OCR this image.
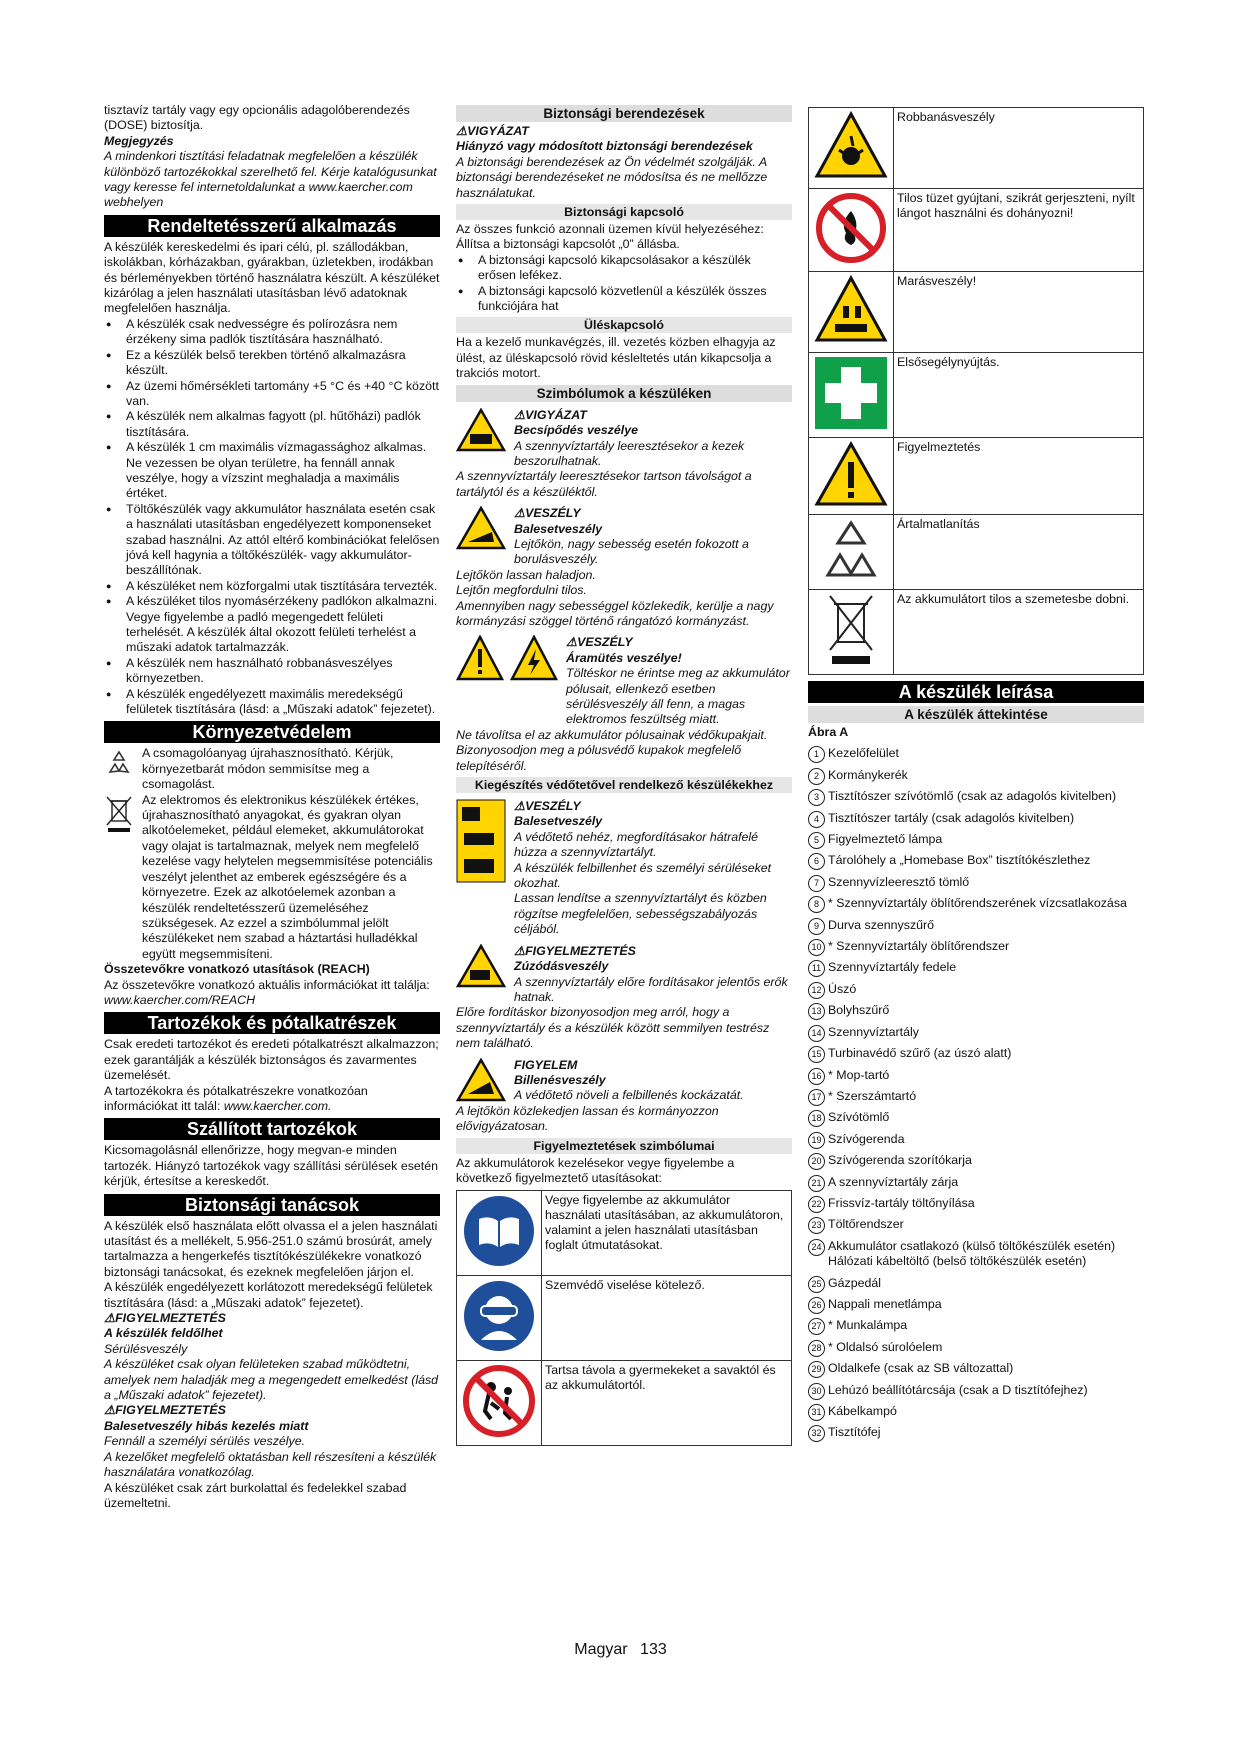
tisztavíz tartály vagy egy opcionális adagolóberendezés (DOSE) biztosítja.

Megjegyzés

A mindenkori tisztítási feladatnak megfelelően a készülék különböző tartozékokkal szerelhető fel. Kérje katalógusunkat vagy keresse fel internetoldalunkat a www.kaercher.com webhelyen

Rendeltetésszerű alkalmazás

A készülék kereskedelmi és ipari célú, pl. szállodákban, iskolákban, kórházakban, gyárakban, üzletekben, irodákban és bérleményekben történő használatra készült. A készüléket kizárólag a jelen használati utasításban lévő adatoknak megfelelően használja.

● A készülék csak nedvességre és polírozásra nem érzékeny sima padlók tisztítására használható.
● Ez a készülék belső terekben történő alkalmazásra készült.
● Az üzemi hőmérsékleti tartomány +5 °C és +40 °C között van.
● A készülék nem alkalmas fagyott (pl. hűtőházi) padlók tisztítására.
● A készülék 1 cm maximális vízmagassághoz alkalmas. Ne vezessen be olyan területre, ha fennáll annak veszélye, hogy a vízszint meghaladja a maximális értéket.
● Töltőkészülék vagy akkumulátor használata esetén csak a használati utasításban engedélyezett komponenseket szabad használni. Az attól eltérő kombinációkat felelősen jóvá kell hagynia a töltőkészülék- vagy akkumulátor-beszállítónak.
● A készüléket nem közforgalmi utak tisztítására tervezték.
● A készüléket tilos nyomásérzékeny padlókon alkalmazni. Vegye figyelembe a padló megengedett felületi terhelését. A készülék által okozott felületi terhelést a műszaki adatok tartalmazzák.
● A készülék nem használható robbanásveszélyes környezetben.
● A készülék engedélyezett maximális meredekségű felületek tisztítására (lásd: a „Műszaki adatok” fejezetet).
Környezetvédelem

A csomagolóanyag újrahasznosítható. Kérjük, környezetbarát módon semmisítse meg a csomagolást.

Az elektromos és elektronikus készülékek értékes, újrahasznosítható anyagokat, és gyakran olyan alkotóelemeket, például elemeket, akkumulátorokat vagy olajat is tartalmaznak, melyek nem megfelelő kezelése vagy helytelen megsemmisítése potenciális veszélyt jelenthet az emberek egészségére és a környezetre. Ezek az alkotóelemek azonban a készülék rendeltetésszerű üzemeléséhez szükségesek. Az ezzel a szimbólummal jelölt készülékeket nem szabad a háztartási hulladékkal együtt megsemmisíteni.

Összetevőkre vonatkozó utasítások (REACH)

Az összetevőkre vonatkozó aktuális információkat itt találja: www.kaercher.com/REACH

Tartozékok és pótalkatrészek

Csak eredeti tartozékot és eredeti pótalkatrészt alkalmazzon; ezek garantálják a készülék biztonságos és zavarmentes üzemelését.

A tartozékokra és pótalkatrészekre vonatkozóan információkat itt talál: www.kaercher.com.

Szállított tartozékok

Kicsomagolásnál ellenőrizze, hogy megvan-e minden tartozék. Hiányzó tartozékok vagy szállítási sérülések esetén kérjük, értesítse a kereskedőt.

Biztonsági tanácsok

A készülék első használata előtt olvassa el a jelen használati utasítást és a mellékelt, 5.956-251.0 számú brosúrát, amely tartalmazza a hengerkefés tisztítókészülékekre vonatkozó biztonsági tanácsokat, és ezeknek megfelelően járjon el.

A készülék engedélyezett korlátozott meredekségű felületek tisztítására (lásd: a „Műszaki adatok” fejezetet).

⚠FIGYELMEZTETÉS

A készülék feldőlhet

Sérülésveszély

A készüléket csak olyan felületeken szabad működtetni, amelyek nem haladják meg a megengedett emelkedést (lásd a „Műszaki adatok” fejezetet).

⚠FIGYELMEZTETÉS

Balesetveszély hibás kezelés miatt

Fennáll a személyi sérülés veszélye.

A kezelőket megfelelő oktatásban kell részesíteni a készülék használatára vonatkozólag.

A készüléket csak zárt burkolattal és fedelekkel szabad üzemeltetni.

Biztonsági berendezések

⚠VIGYÁZAT

Hiányzó vagy módosított biztonsági berendezések

A biztonsági berendezések az Ön védelmét szolgálják. A biztonsági berendezéseket ne módosítsa és ne mellőzze használatukat.

Biztonsági kapcsoló

Az összes funkció azonnali üzemen kívül helyezéséhez: Állítsa a biztonsági kapcsolót „0” állásba.

● A biztonsági kapcsoló kikapcsolásakor a készülék erősen lefékez.
● A biztonsági kapcsoló közvetlenül a készülék összes funkciójára hat
Üléskapcsoló

Ha a kezelő munkavégzés, ill. vezetés közben elhagyja az ülést, az üléskapcsoló rövid késleltetés után kikapcsolja a trakciós motort.

Szimbólumok a készüléken

⚠VIGYÁZAT

Becsípődés veszélye

A szennyvíztartály leeresztésekor a kezek beszorulhatnak.

A szennyvíztartály leeresztésekor tartson távolságot a tartálytól és a készüléktől.

⚠VESZÉLY

Balesetveszély

Lejtőkön, nagy sebesség esetén fokozott a borulásveszély.

Lejtőkön lassan haladjon.

Lejtőn megfordulni tilos.

Amennyiben nagy sebességgel közlekedik, kerülje a nagy kormányzási szöggel történő rángatózó kormányzást.

⚠VESZÉLY

Áramütés veszélye!

Töltéskor ne érintse meg az akkumulátor pólusait, ellenkező esetben sérülésveszély áll fenn, a magas elektromos feszültség miatt.

Ne távolítsa el az akkumulátor pólusainak védőkupakjait.

Bizonyosodjon meg a pólusvédő kupakok megfelelő telepítéséről.

Kiegészítés védőtetővel rendelkező készülékekhez

⚠VESZÉLY

Balesetveszély

A védőtető nehéz, megfordításakor hátrafelé húzza a szennyvíztartályt.

A készülék felbillenhet és személyi sérüléseket okozhat.

Lassan lendítse a szennyvíztartályt és közben rögzítse megfelelően, sebességszabályozás céljából.

⚠FIGYELMEZTETÉS

Zúzódásveszély

A szennyvíztartály előre fordításakor jelentős erők hatnak.

Előre fordításkor bizonyosodjon meg arról, hogy a szennyvíztartály és a készülék között semmilyen testrész nem található.

FIGYELEM

Billenésveszély

A védőtető növeli a felbillenés kockázatát.

A lejtőkön közlekedjen lassan és kormányozzon elővigyázatosan.

Figyelmeztetések szimbólumai

Az akkumulátorok kezelésekor vegye figyelembe a következő figyelmeztető utasításokat:

	Vegye figyelembe az akkumulátor használati utasításában, az akkumulátoron, valamint a jelen használati utasításban foglalt útmutatásokat.
	Szemvédő viselése kötelező.
	Tartsa távola a gyermekeket a savaktól és az akkumulátortól.
	Robbanásveszély
	Tilos tüzet gyújtani, szikrát gerjeszteni, nyílt lángot használni és dohányozni!
	Marásveszély!
	Elsősegélynyújtás.
	Figyelmeztetés
	Ártalmatlanítás
	Az akkumulátort tilos a szemetesbe dobni.
A készülék leírása
A készülék áttekintése

Ábra A

1 Kezelőfelület
2 Kormánykerék
3 Tisztítószer szívótömlő (csak az adagolós kivitelben)
4 Tisztítószer tartály (csak adagolós kivitelben)
5 Figyelmeztető lámpa
6 Tárolóhely a „Homebase Box” tisztítókészlethez
7 Szennyvízleeresztő tömlő
8 * Szennyvíztartály öblítőrendszerének vízcsatlakozása
9 Durva szennyszűrő
10 * Szennyvíztartály öblítőrendszer
11 Szennyvíztartály fedele
12 Úszó
13 Bolyhszűrő
14 Szennyvíztartály
15 Turbinavédő szűrő (az úszó alatt)
16 * Mop-tartó
17 * Szerszámtartó
18 Szívótömlő
19 Szívógerenda
20 Szívógerenda szorítókarja
21 A szennyvíztartály zárja
22 Frissvíz-tartály töltőnyílása
23 Töltőrendszer
24 Akkumulátor csatlakozó (külső töltőkészülék esetén)
Hálózati kábeltöltő (belső töltőkészülék esetén)
25 Gázpedál
26 Nappali menetlámpa
27 * Munkalámpa
28 * Oldalsó súrolóelem
29 Oldalkefe (csak az SB változattal)
30 Lehúzó beállítótárcsája (csak a D tisztítófejhez)
31 Kábelkampó
32 Tisztítófej
Magyar 133
